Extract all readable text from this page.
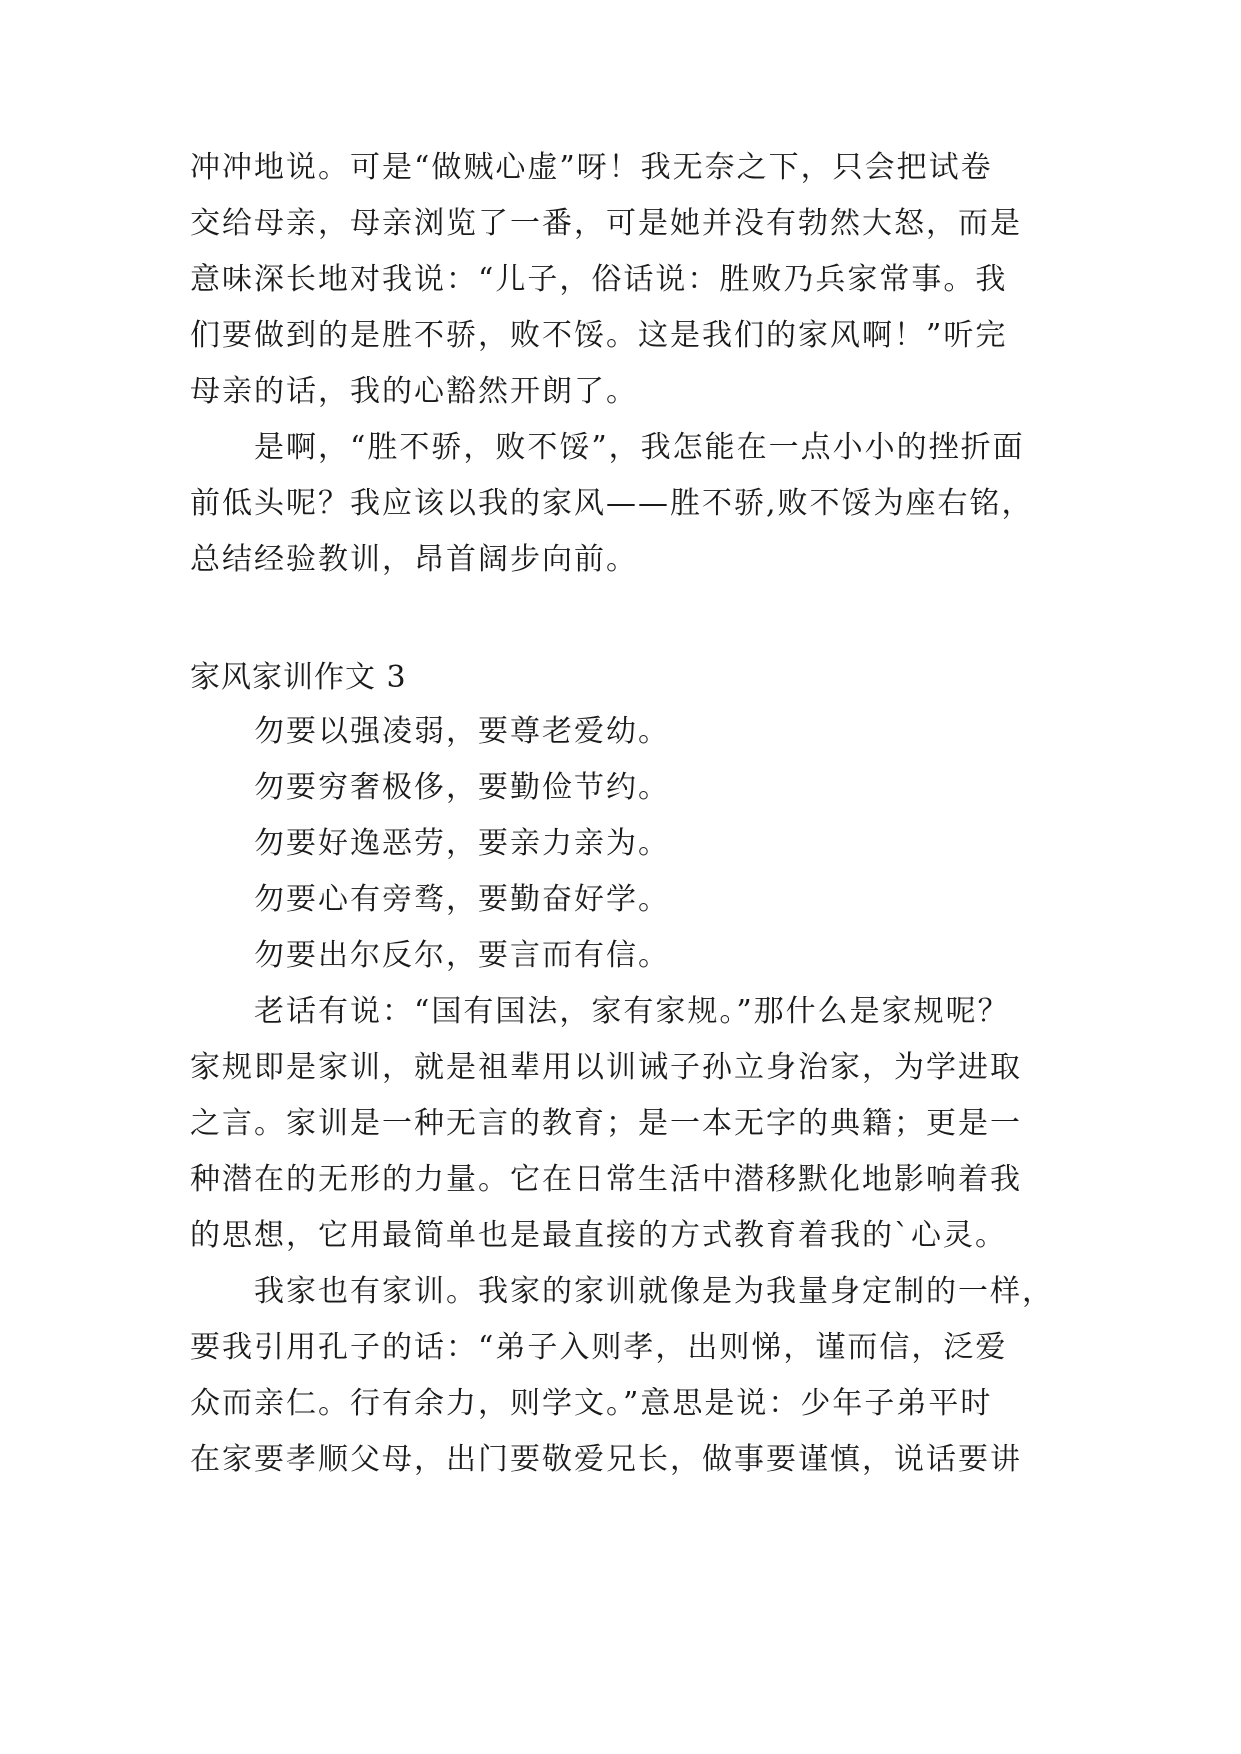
冲冲地说。可是“做贼心虚”呀！我无奈之下，只会把试卷
交给母亲，母亲浏览了一番，可是她并没有勃然大怒，而是
意味深长地对我说：“儿子，俗话说：胜败乃兵家常事。我
们要做到的是胜不骄，败不馁。这是我们的家风啊！”听完
母亲的话，我的心豁然开朗了。
是啊，“胜不骄，败不馁”，我怎能在一点小小的挫折面
前低头呢？我应该以我的家风——胜不骄,败不馁为座右铭，
总结经验教训，昂首阔步向前。
家风家训作文 3
勿要以强凌弱，要尊老爱幼。
勿要穷奢极侈，要勤俭节约。
勿要好逸恶劳，要亲力亲为。
勿要心有旁骛，要勤奋好学。
勿要出尔反尔，要言而有信。
老话有说：“国有国法，家有家规。”那什么是家规呢？
家规即是家训，就是祖辈用以训诫子孙立身治家，为学进取
之言。家训是一种无言的教育；是一本无字的典籍；更是一
种潜在的无形的力量。它在日常生活中潜移默化地影响着我
的思想，它用最简单也是最直接的方式教育着我的`心灵。
我家也有家训。我家的家训就像是为我量身定制的一样，
要我引用孔子的话：“弟子入则孝，出则悌，谨而信，泛爱
众而亲仁。行有余力，则学文。”意思是说：少年子弟平时
在家要孝顺父母，出门要敬爱兄长，做事要谨慎，说话要讲
